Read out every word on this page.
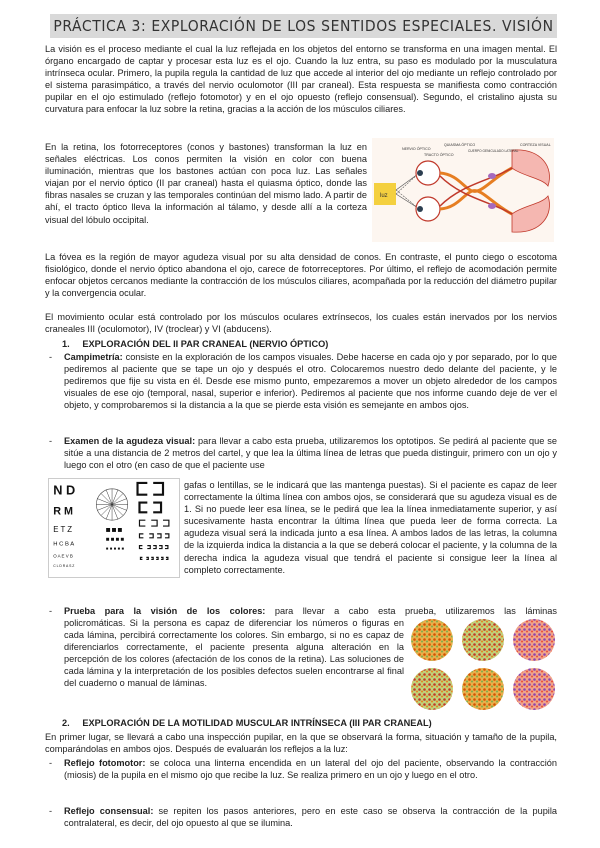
PRÁCTICA 3: EXPLORACIÓN DE LOS SENTIDOS ESPECIALES. VISIÓN
La visión es el proceso mediante el cual la luz reflejada en los objetos del entorno se transforma en una imagen mental. El órgano encargado de captar y procesar esta luz es el ojo. Cuando la luz entra, su paso es modulado por la musculatura intrínseca ocular. Primero, la pupila regula la cantidad de luz que accede al interior del ojo mediante un reflejo controlado por el sistema parasimpático, a través del nervio oculomotor (III par craneal). Esta respuesta se manifiesta como contracción pupilar en el ojo estimulado (reflejo fotomotor) y en el ojo opuesto (reflejo consensual). Segundo, el cristalino ajusta su curvatura para enfocar la luz sobre la retina, gracias a la acción de los músculos ciliares.
En la retina, los fotorreceptores (conos y bastones) transforman la luz en señales eléctricas. Los conos permiten la visión en color con buena iluminación, mientras que los bastones actúan con poca luz. Las señales viajan por el nervio óptico (II par craneal) hasta el quiasma óptico, donde las fibras nasales se cruzan y las temporales continúan del mismo lado. A partir de ahí, el tracto óptico lleva la información al tálamo, y desde allí a la corteza visual del lóbulo occipital.
luz
NERVIO ÓPTICO
QUIASMA ÓPTICO
CUERPO GENICULADO LATERAL
TRACTO ÓPTICO
CORTEZA VISUAL
La fóvea es la región de mayor agudeza visual por su alta densidad de conos. En contraste, el punto ciego o escotoma fisiológico, donde el nervio óptico abandona el ojo, carece de fotorreceptores. Por último, el reflejo de acomodación permite enfocar objetos cercanos mediante la contracción de los músculos ciliares, acompañada por la reducción del diámetro pupilar y la convergencia ocular.
El movimiento ocular está controlado por los músculos oculares extrínsecos, los cuales están inervados por los nervios craneales III (oculomotor), IV (troclear) y VI (abducens).
1.     EXPLORACIÓN DEL II PAR CRANEAL (NERVIO ÓPTICO)
- Campimetría: consiste en la exploración de los campos visuales. Debe hacerse en cada ojo y por separado, por lo que pediremos al paciente que se tape un ojo y después el otro. Colocaremos nuestro dedo delante del paciente, y le pediremos que fije su vista en él. Desde ese mismo punto, empezaremos a mover un objeto alrededor de los campos visuales de ese ojo (temporal, nasal, superior e inferior). Pediremos al paciente que nos informe cuando deje de ver el objeto, y comprobaremos si la distancia a la que se pierde esta visión es semejante en ambos ojos.
- Examen de la agudeza visual: para llevar a cabo esta prueba, utilizaremos los optotipos. Se pedirá al paciente que se sitúe a una distancia de 2 metros del cartel, y que lea la última línea de letras que pueda distinguir, primero con un ojo y luego con el otro (en caso de que el paciente use
N D
R M
E T Z
H C B A
O A E V B
C L D R A S Z
gafas o lentillas, se le indicará que las mantenga puestas). Si el paciente es capaz de leer correctamente la última línea con ambos ojos, se considerará que su agudeza visual es de 1. Si no puede leer esa línea, se le pedirá que lea la línea inmediatamente superior, y así sucesivamente hasta encontrar la última línea que pueda leer de forma correcta. La agudeza visual será la indicada junto a esa línea. A ambos lados de las letras, la columna de la izquierda indica la distancia a la que se deberá colocar el paciente, y la columna de la derecha indica la agudeza visual que tendrá el paciente si consigue leer la línea al completo correctamente.
- Prueba para la visión de los colores: para llevar a cabo esta prueba, utilizaremos las láminas
policromáticas. Si la persona es capaz de diferenciar los números o figuras en cada lámina, percibirá correctamente los colores. Sin embargo, si no es capaz de diferenciarlos correctamente, el paciente presenta alguna alteración en la percepción de los colores (afectación de los conos de la retina). Las soluciones de cada lámina y la interpretación de los posibles defectos suelen encontrarse al final del cuaderno o manual de láminas.
2.     EXPLORACIÓN DE LA MOTILIDAD MUSCULAR INTRÍNSECA (III PAR CRANEAL)
En primer lugar, se llevará a cabo una inspección pupilar, en la que se observará la forma, situación y tamaño de la pupila, comparándolas en ambos ojos. Después de evaluarán los reflejos a la luz:
- Reflejo fotomotor: se coloca una linterna encendida en un lateral del ojo del paciente, observando la contracción (miosis) de la pupila en el mismo ojo que recibe la luz. Se realiza primero en un ojo y luego en el otro.
- Reflejo consensual: se repiten los pasos anteriores, pero en este caso se observa la contracción de la pupila contralateral, es decir, del ojo opuesto al que se ilumina.
